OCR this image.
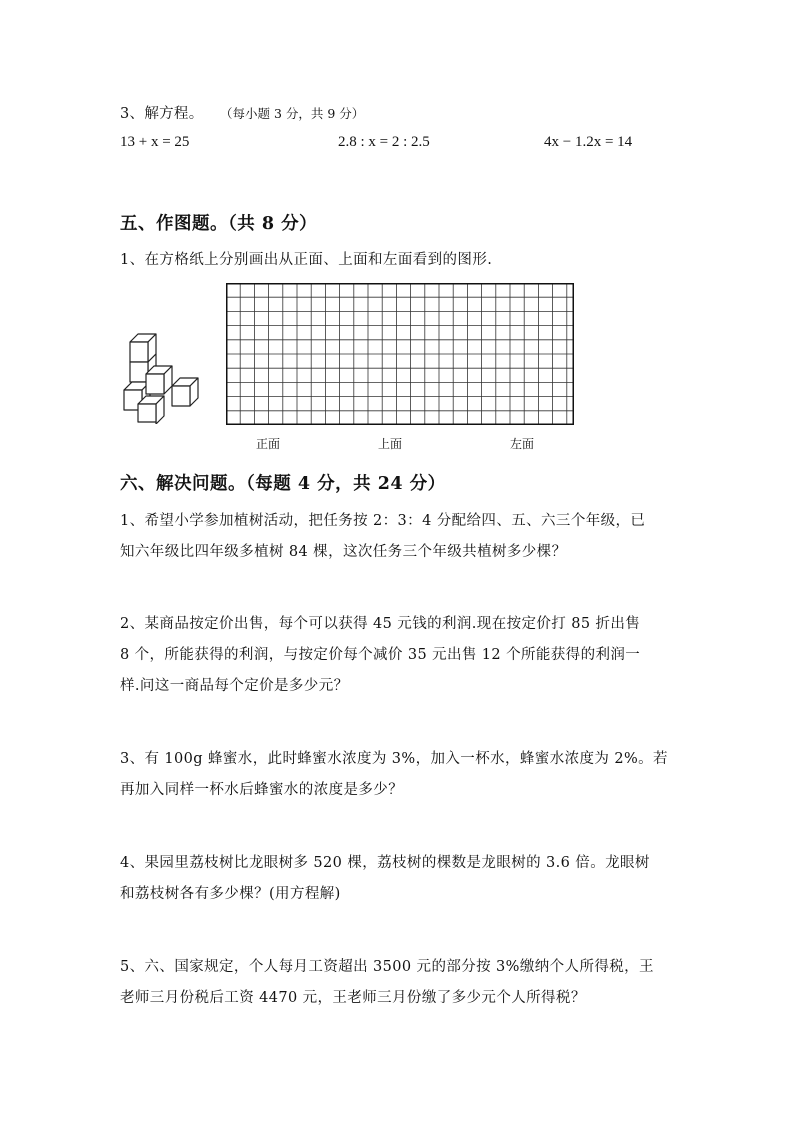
3、解方程。 （每小题 3 分，共 9 分）
13 + x = 25	2.8 : x = 2 : 2.5	4x − 1.2x = 14
五、作图题。（共 8 分）
1、在方格纸上分别画出从正面、上面和左面看到的图形.
正面	上面	左面
六、解决问题。（每题 4 分，共 24 分）
1、希望小学参加植树活动，把任务按 2：3：4 分配给四、五、六三个年级，已
知六年级比四年级多植树 84 棵，这次任务三个年级共植树多少棵？
2、某商品按定价出售，每个可以获得 45 元钱的利润.现在按定价打 85 折出售
8 个，所能获得的利润，与按定价每个减价 35 元出售 12 个所能获得的利润一
样.问这一商品每个定价是多少元？
3、有 100g 蜂蜜水，此时蜂蜜水浓度为 3%，加入一杯水，蜂蜜水浓度为 2%。若
再加入同样一杯水后蜂蜜水的浓度是多少？
4、果园里荔枝树比龙眼树多 520 棵，荔枝树的棵数是龙眼树的 3.6 倍。龙眼树
和荔枝树各有多少棵？(用方程解)
5、六、国家规定，个人每月工资超出 3500 元的部分按 3%缴纳个人所得税，王
老师三月份税后工资 4470 元，王老师三月份缴了多少元个人所得税？
